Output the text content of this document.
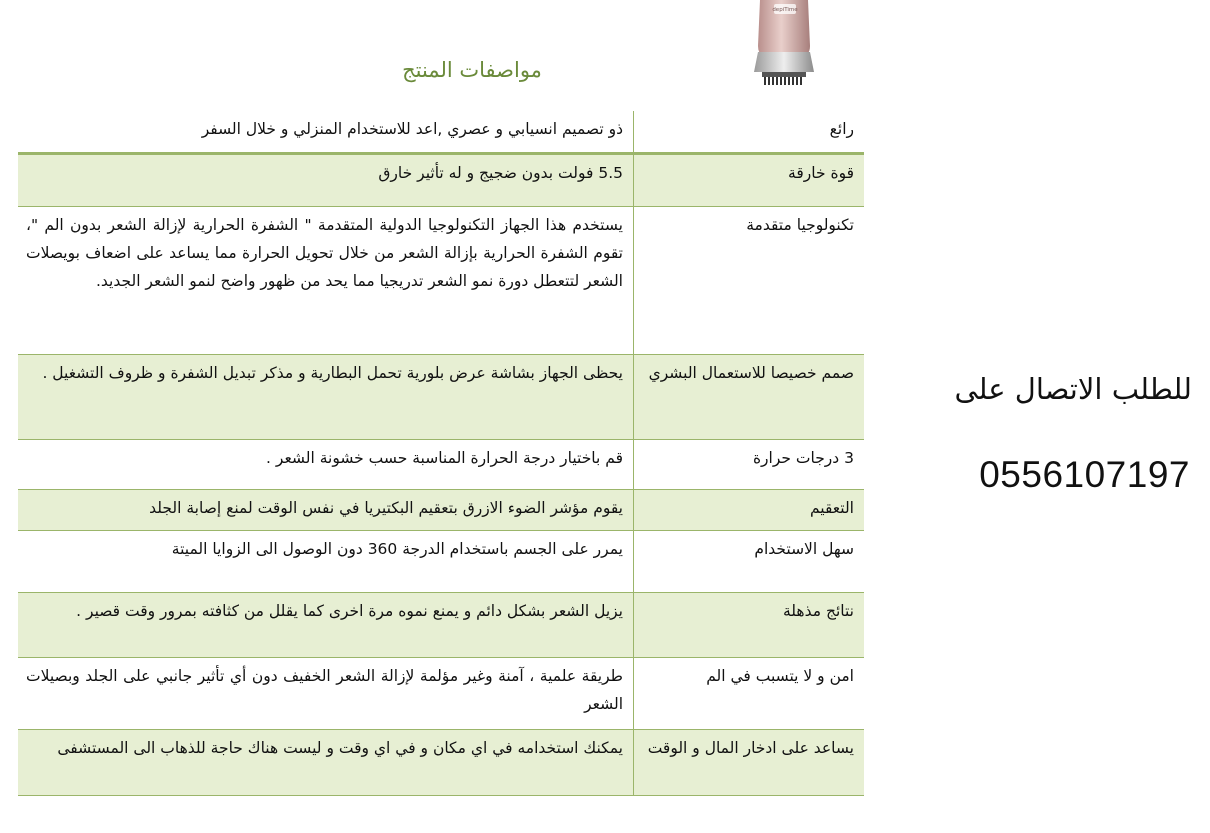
depiTime
مواصفات المنتج
رائع	ذو تصميم انسيابي و عصري ,اعد للاستخدام المنزلي و خلال السفر
قوة خارقة	5.5 فولت بدون ضجيج و له تأثير خارق
تكنولوجيا متقدمة	يستخدم هذا الجهاز التكنولوجيا الدولية المتقدمة " الشفرة الحرارية لإزالة الشعر بدون الم "، تقوم الشفرة الحرارية بإزالة الشعر من خلال تحويل الحرارة مما يساعد على اضعاف بويصلات الشعر لتتعطل دورة نمو الشعر تدريجيا مما يحد من ظهور واضح لنمو الشعر الجديد.
صمم خصيصا للاستعمال البشري	يحظى الجهاز بشاشة عرض بلورية تحمل البطارية و مذكر تبديل الشفرة و ظروف التشغيل .
3 درجات حرارة	قم باختيار درجة الحرارة المناسبة حسب خشونة الشعر .
التعقيم	يقوم مؤشر الضوء الازرق بتعقيم البكتيريا في نفس الوقت لمنع إصابة الجلد
سهل الاستخدام	يمرر على الجسم باستخدام الدرجة 360 دون الوصول الى الزوايا الميتة
نتائج مذهلة	يزيل الشعر بشكل دائم و يمنع نموه مرة اخرى كما يقلل من كثافته بمرور وقت قصير .
امن و لا يتسبب في الم	طريقة علمية ، آمنة وغير مؤلمة لإزالة الشعر الخفيف دون أي تأثير جانبي على الجلد وبصيلات الشعر
يساعد على ادخار المال و الوقت	يمكنك استخدامه في اي مكان و في اي وقت و ليست هناك حاجة للذهاب الى المستشفى
للطلب الاتصال على
0556107197
